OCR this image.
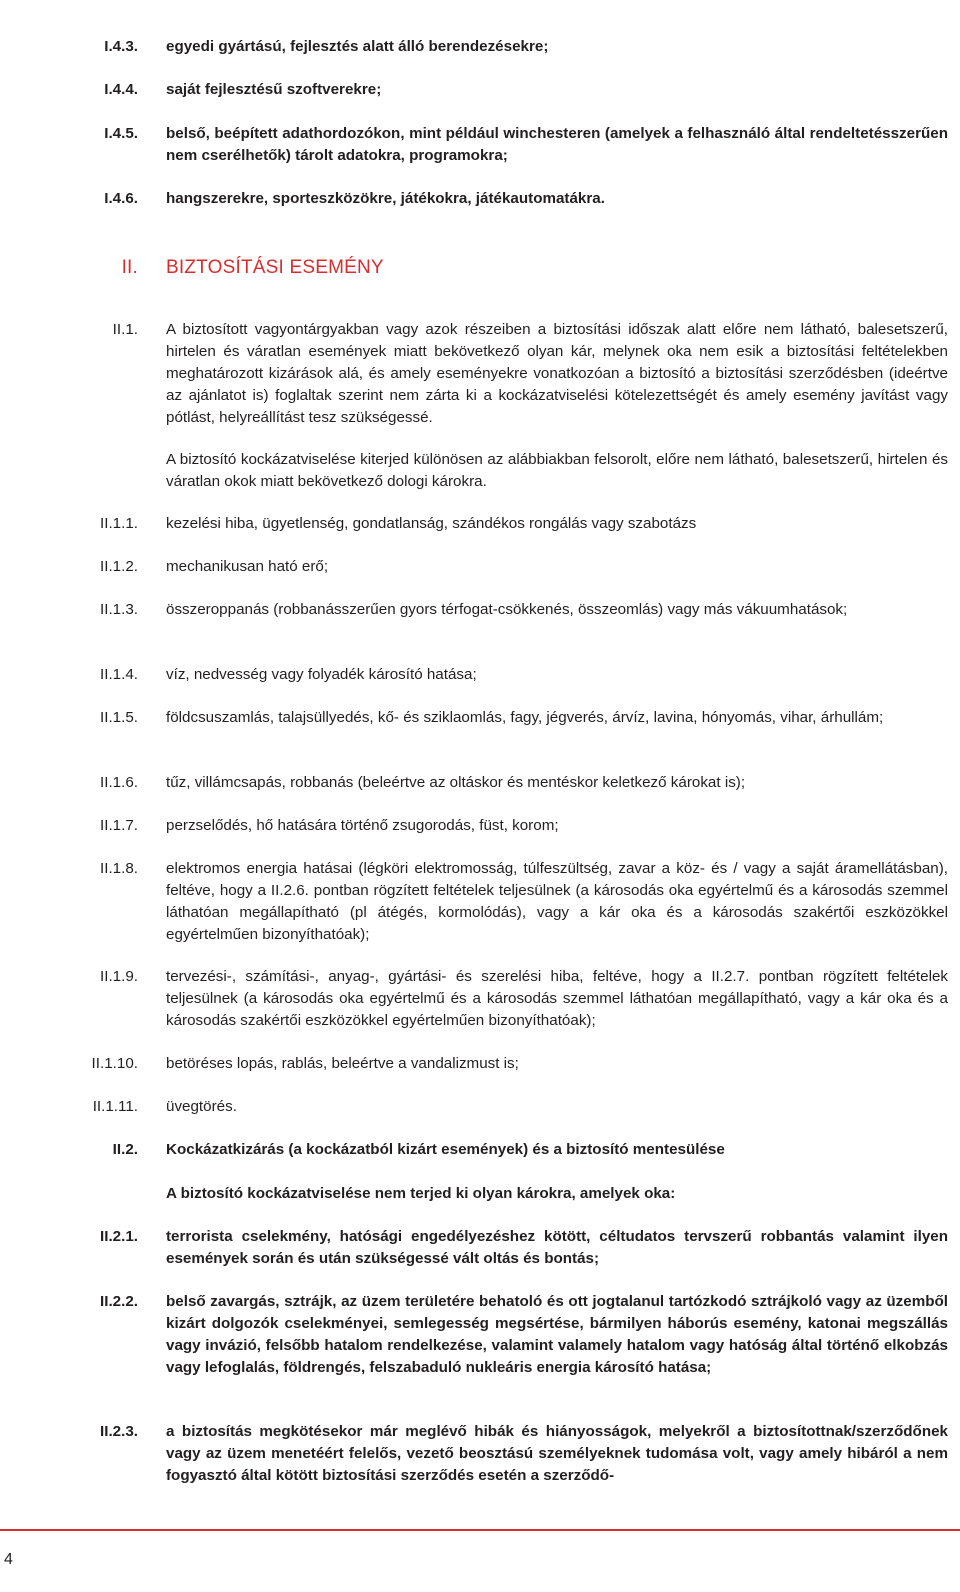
I.4.3. egyedi gyártású, fejlesztés alatt álló berendezésekre;
I.4.4. saját fejlesztésű szoftverekre;
I.4.5. belső, beépített adathordozókon, mint például winchesteren (amelyek a felhasználó által rendeltetésszerűen nem cserélhetők) tárolt adatokra, programokra;
I.4.6. hangszerekre, sporteszközökre, játékokra, játékautomatákra.
II. BIZTOSÍTÁSI ESEMÉNY
II.1. A biztosított vagyontárgyakban vagy azok részeiben a biztosítási időszak alatt előre nem látható, balesetszerű, hirtelen és váratlan események miatt bekövetkező olyan kár, melynek oka nem esik a biztosítási feltételekben meghatározott kizárások alá, és amely eseményekre vonatkozóan a biztosító a biztosítási szerződésben (ideértve az ajánlatot is) foglaltak szerint nem zárta ki a kockázatviselési kötelezettségét és amely esemény javítást vagy pótlást, helyreállítást tesz szükségessé.
A biztosító kockázatviselése kiterjed különösen az alábbiakban felsorolt, előre nem látható, balesetszerű, hirtelen és váratlan okok miatt bekövetkező dologi károkra.
II.1.1. kezelési hiba, ügyetlenség, gondatlanság, szándékos rongálás vagy szabotázs
II.1.2. mechanikusan ható erő;
II.1.3. összeroppanás (robbanásszerűen gyors térfogat-csökkenés, összeomlás) vagy más vákuumhatások;
II.1.4. víz, nedvesség vagy folyadék károsító hatása;
II.1.5. földcsuszamlás, talajsüllyedés, kő- és sziklaomlás, fagy, jégverés, árvíz, lavina, hónyomás, vihar, árhullám;
II.1.6. tűz, villámcsapás, robbanás (beleértve az oltáskor és mentéskor keletkező károkat is);
II.1.7. perzselődés, hő hatására történő zsugorodás, füst, korom;
II.1.8. elektromos energia hatásai (légköri elektromosság, túlfeszültség, zavar a köz- és / vagy a saját áramellátásban), feltéve, hogy a II.2.6. pontban rögzített feltételek teljesülnek (a károsodás oka egyértelmű és a károsodás szemmel láthatóan megállapítható (pl átégés, kormolódás), vagy a kár oka és a károsodás szakértői eszközökkel egyértelműen bizonyíthatóak);
II.1.9. tervezési-, számítási-, anyag-, gyártási- és szerelési hiba, feltéve, hogy a II.2.7. pontban rögzített feltételek teljesülnek (a károsodás oka egyértelmű és a károsodás szemmel láthatóan megállapítható, vagy a kár oka és a károsodás szakértői eszközökkel egyértelműen bizonyíthatóak);
II.1.10. betöréses lopás, rablás, beleértve a vandalizmust is;
II.1.11. üvegtörés.
II.2. Kockázatkizárás (a kockázatból kizárt események) és a biztosító mentesülése
A biztosító kockázatviselése nem terjed ki olyan károkra, amelyek oka:
II.2.1. terrorista cselekmény, hatósági engedélyezéshez kötött, céltudatos tervszerű robbantás valamint ilyen események során és után szükségessé vált oltás és bontás;
II.2.2. belső zavargás, sztrájk, az üzem területére behatoló és ott jogtalanul tartózkodó sztrájkoló vagy az üzemből kizárt dolgozók cselekményei, semlegesség megsértése, bármilyen háborús esemény, katonai megszállás vagy invázió, felsőbb hatalom rendelkezése, valamint valamely hatalom vagy hatóság által történő elkobzás vagy lefoglalás, földrengés, felszabaduló nukleáris energia károsító hatása;
II.2.3. a biztosítás megkötésekor már meglévő hibák és hiányosságok, melyekről a biztosítottnak/szerződőnek vagy az üzem menetéért felelős, vezető beosztású személyeknek tudomása volt, vagy amely hibáról a nem fogyasztó által kötött biztosítási szerződés esetén a szerződő-
4
